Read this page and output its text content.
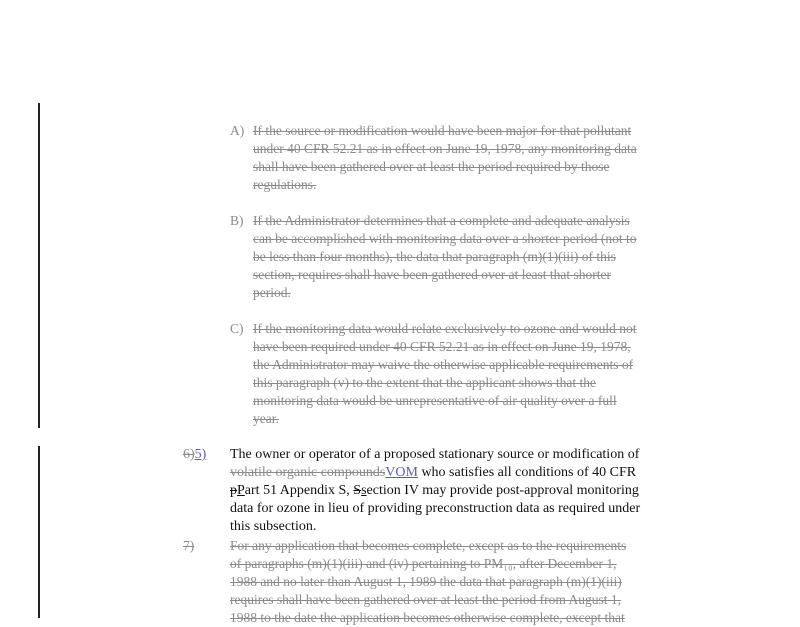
A) If the source or modification would have been major for that pollutant
under 40 CFR 52.21 as in effect on June 19, 1978, any monitoring data
shall have been gathered over at least the period required by those
regulations.
B) If the Administrator determines that a complete and adequate analysis
can be accomplished with monitoring data over a shorter period (not to
be less than four months), the data that paragraph (m)(1)(iii) of this
section, requires shall have been gathered over at least that shorter
period.
C) If the monitoring data would relate exclusively to ozone and would not
have been required under 40 CFR 52.21 as in effect on June 19, 1978,
the Administrator may waive the otherwise applicable requirements of
this paragraph (v) to the extent that the applicant shows that the
monitoring data would be unrepresentative of air quality over a full
year.
6)5) The owner or operator of a proposed stationary source or modification of
volatile organic compoundsVOM who satisfies all conditions of 40 CFR
pPart 51 Appendix S, Ssection IV may provide post-approval monitoring
data for ozone in lieu of providing preconstruction data as required under
this subsection.
7)	For any application that becomes complete, except as to the requirements
of paragraphs (m)(1)(iii) and (iv) pertaining to PM₁₀, after December 1,
1988 and no later than August 1, 1989 the data that paragraph (m)(1)(iii)
requires shall have been gathered over at least the period from August 1,
1988 to the date the application becomes otherwise complete, except that
